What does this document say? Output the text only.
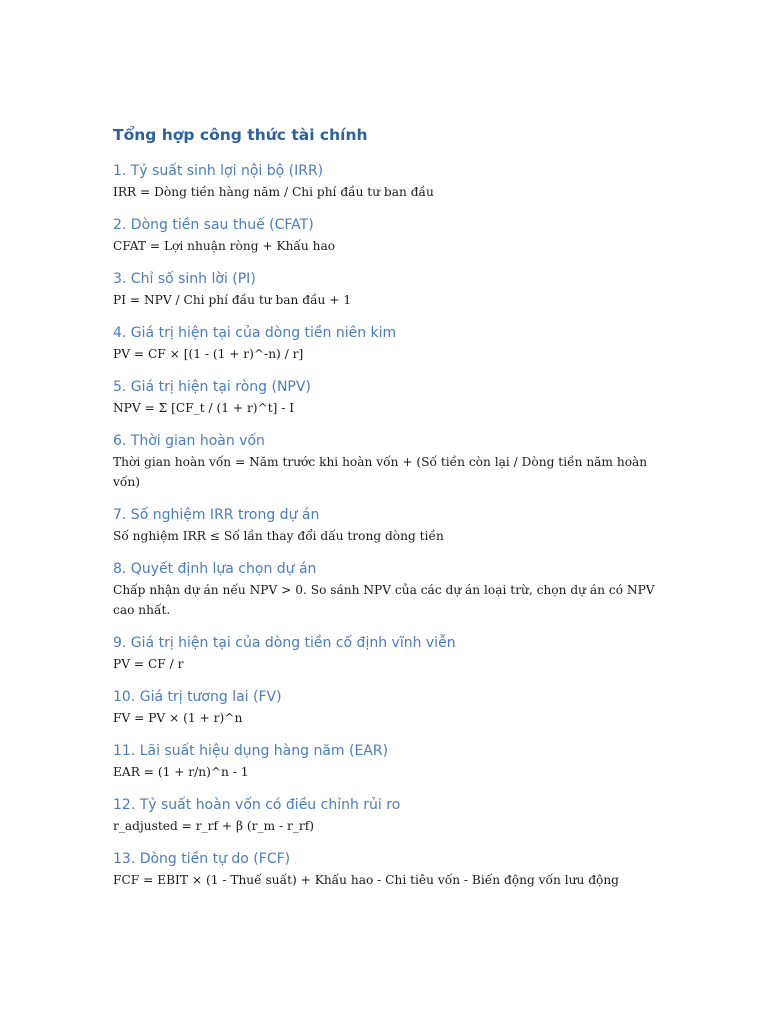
Tổng hợp công thức tài chính
1. Tỷ suất sinh lợi nội bộ (IRR)

IRR = Dòng tiền hàng năm / Chi phí đầu tư ban đầu

2. Dòng tiền sau thuế (CFAT)

CFAT = Lợi nhuận ròng + Khấu hao

3. Chỉ số sinh lời (PI)

PI = NPV / Chi phí đầu tư ban đầu + 1

4. Giá trị hiện tại của dòng tiền niên kim

PV = CF × [(1 - (1 + r)^-n) / r]

5. Giá trị hiện tại ròng (NPV)

NPV = Σ [CF_t / (1 + r)^t] - I

6. Thời gian hoàn vốn

Thời gian hoàn vốn = Năm trước khi hoàn vốn + (Số tiền còn lại / Dòng tiền năm hoàn vốn)

7. Số nghiệm IRR trong dự án

Số nghiệm IRR ≤ Số lần thay đổi dấu trong dòng tiền

8. Quyết định lựa chọn dự án

Chấp nhận dự án nếu NPV > 0. So sánh NPV của các dự án loại trừ, chọn dự án có NPV cao nhất.

9. Giá trị hiện tại của dòng tiền cố định vĩnh viễn

PV = CF / r

10. Giá trị tương lai (FV)

FV = PV × (1 + r)^n

11. Lãi suất hiệu dụng hàng năm (EAR)

EAR = (1 + r/n)^n - 1

12. Tỷ suất hoàn vốn có điều chỉnh rủi ro

r_adjusted = r_rf + β (r_m - r_rf)

13. Dòng tiền tự do (FCF)

FCF = EBIT × (1 - Thuế suất) + Khấu hao - Chi tiêu vốn - Biến động vốn lưu động
